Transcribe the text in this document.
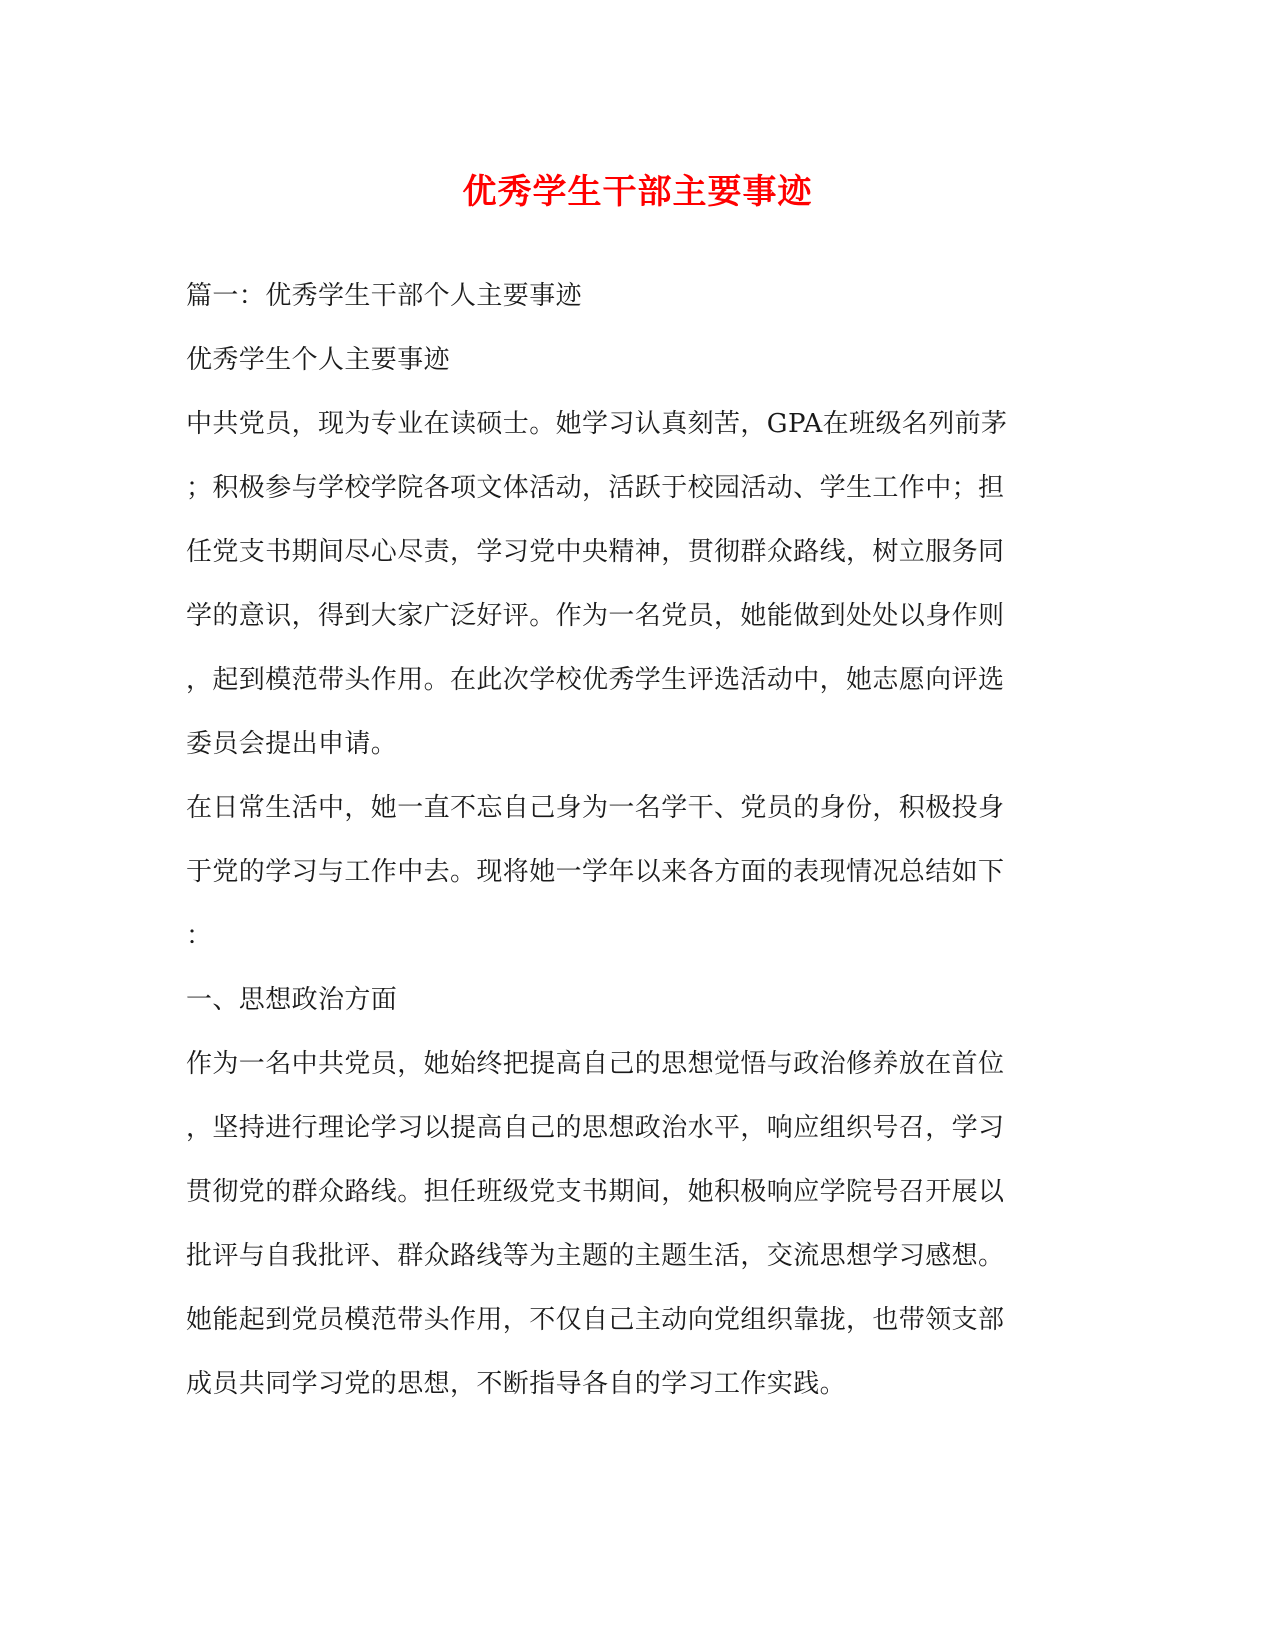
优秀学生干部主要事迹
篇一：优秀学生干部个人主要事迹
优秀学生个人主要事迹
中共党员，现为专业在读硕士。她学习认真刻苦，GPA在班级名列前茅
；积极参与学校学院各项文体活动，活跃于校园活动、学生工作中；担
任党支书期间尽心尽责，学习党中央精神，贯彻群众路线，树立服务同
学的意识，得到大家广泛好评。作为一名党员，她能做到处处以身作则
，起到模范带头作用。在此次学校优秀学生评选活动中，她志愿向评选
委员会提出申请。
在日常生活中，她一直不忘自己身为一名学干、党员的身份，积极投身
于党的学习与工作中去。现将她一学年以来各方面的表现情况总结如下
：
一、思想政治方面
作为一名中共党员，她始终把提高自己的思想觉悟与政治修养放在首位
，坚持进行理论学习以提高自己的思想政治水平，响应组织号召，学习
贯彻党的群众路线。担任班级党支书期间，她积极响应学院号召开展以
批评与自我批评、群众路线等为主题的主题生活，交流思想学习感想。
她能起到党员模范带头作用，不仅自己主动向党组织靠拢，也带领支部
成员共同学习党的思想，不断指导各自的学习工作实践。
